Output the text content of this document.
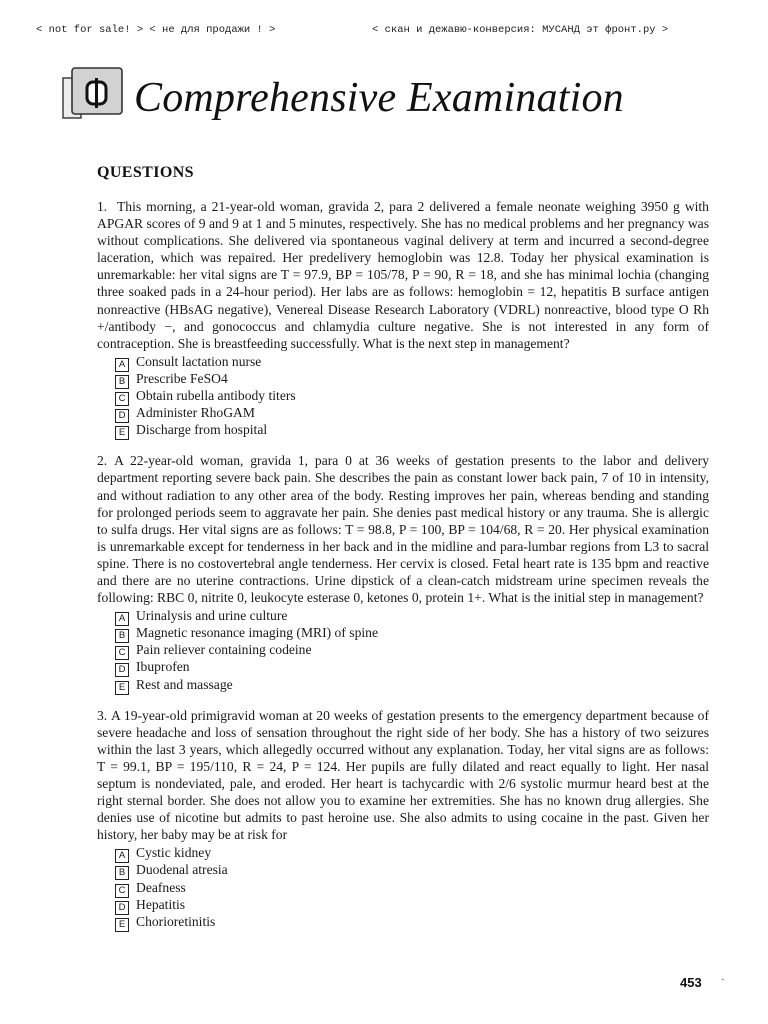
< not for sale! > < не для продажи ! >	< скан и дежавю-конверсия: МУСАНД эт фронт.ру >
Comprehensive Examination
QUESTIONS

1. This morning, a 21-year-old woman, gravida 2, para 2 delivered a female neonate weighing 3950 g with APGAR scores of 9 and 9 at 1 and 5 minutes, respectively. She has no medical problems and her pregnancy was without complications. She delivered via spontaneous vaginal delivery at term and incurred a second-degree laceration, which was repaired. Her predelivery hemoglobin was 12.8. Today her physical examination is unremarkable: her vital signs are T = 97.9, BP = 105/78, P = 90, R = 18, and she has minimal lochia (changing three soaked pads in a 24-hour period). Her labs are as follows: hemoglobin = 12, hepatitis B surface antigen nonreactive (HBsAG negative), Venereal Disease Research Laboratory (VDRL) nonreactive, blood type O Rh +/antibody −, and gonococcus and chlamydia culture negative. She is not interested in any form of contraception. She is breastfeeding successfully. What is the next step in management?

A Consult lactation nurse
B Prescribe FeSO4
C Obtain rubella antibody titers
D Administer RhoGAM
E Discharge from hospital

2. A 22-year-old woman, gravida 1, para 0 at 36 weeks of gestation presents to the labor and delivery department reporting severe back pain. She describes the pain as constant lower back pain, 7 of 10 in intensity, and without radiation to any other area of the body. Resting improves her pain, whereas bending and standing for prolonged periods seem to aggravate her pain. She denies past medical history or any trauma. She is allergic to sulfa drugs. Her vital signs are as follows: T = 98.8, P = 100, BP = 104/68, R = 20. Her physical examination is unremarkable except for tenderness in her back and in the midline and para-lumbar regions from L3 to sacral spine. There is no costovertebral angle tenderness. Her cervix is closed. Fetal heart rate is 135 bpm and reactive and there are no uterine contractions. Urine dipstick of a clean-catch midstream urine specimen reveals the following: RBC 0, nitrite 0, leukocyte esterase 0, ketones 0, protein 1+. What is the initial step in management?

A Urinalysis and urine culture
B Magnetic resonance imaging (MRI) of spine
C Pain reliever containing codeine
D Ibuprofen
E Rest and massage

3. A 19-year-old primigravid woman at 20 weeks of gestation presents to the emergency department because of severe headache and loss of sensation throughout the right side of her body. She has a history of two seizures within the last 3 years, which allegedly occurred without any explanation. Today, her vital signs are as follows: T = 99.1, BP = 195/110, R = 24, P = 124. Her pupils are fully dilated and react equally to light. Her nasal septum is nondeviated, pale, and eroded. Her heart is tachycardic with 2/6 systolic murmur heard best at the right sternal border. She does not allow you to examine her extremities. She has no known drug allergies. She denies use of nicotine but admits to past heroine use. She also admits to using cocaine in the past. Given her history, her baby may be at risk for

A Cystic kidney
B Duodenal atresia
C Deafness
D Hepatitis
E Chorioretinitis
453 ·
